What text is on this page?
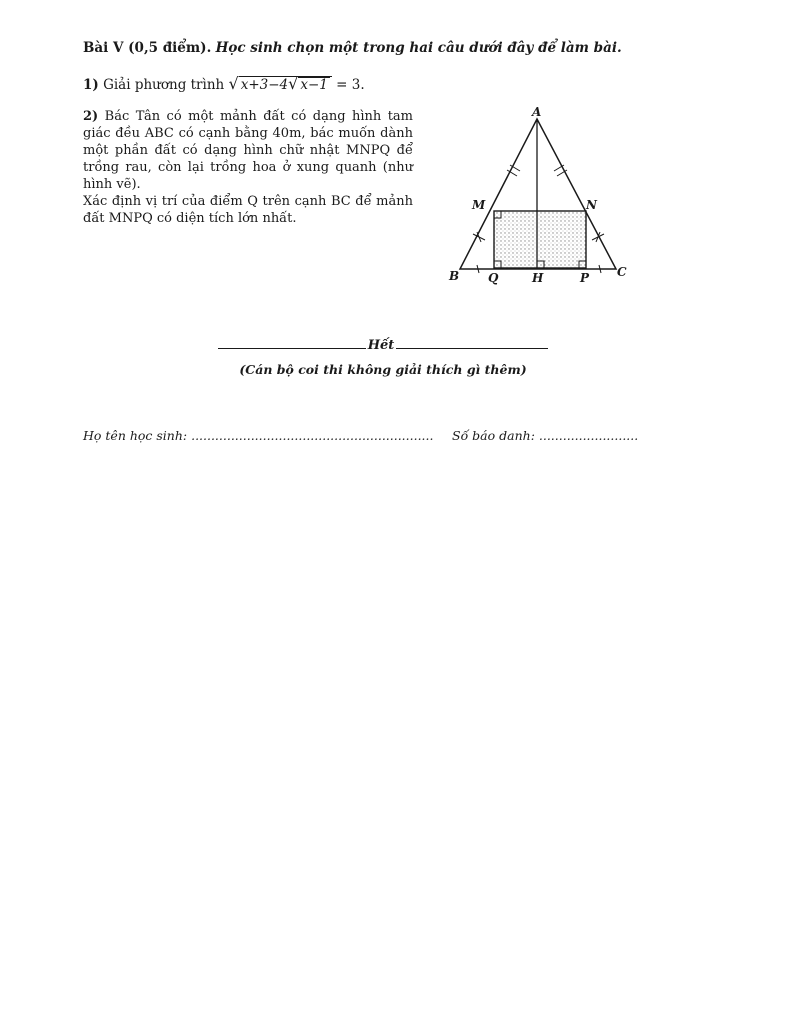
Bài V (0,5 điểm). Học sinh chọn một trong hai câu dưới đây để làm bài.
1) Giải phương trình √ x+3−4√ x−1 = 3.

2) Bác Tân có một mảnh đất có dạng hình tam giác đều ABC có cạnh bằng 40m, bác muốn dành một phần đất có dạng hình chữ nhật MNPQ để trồng rau, còn lại trồng hoa ở xung quanh (như hình vẽ).

Xác định vị trí của điểm Q trên cạnh BC để mảnh đất MNPQ có diện tích lớn nhất.

A
M	N
B Q	H	P C
Hết
(Cán bộ coi thi không giải thích gì thêm)
Họ tên học sinh: ............................................................. Số báo danh: .........................
